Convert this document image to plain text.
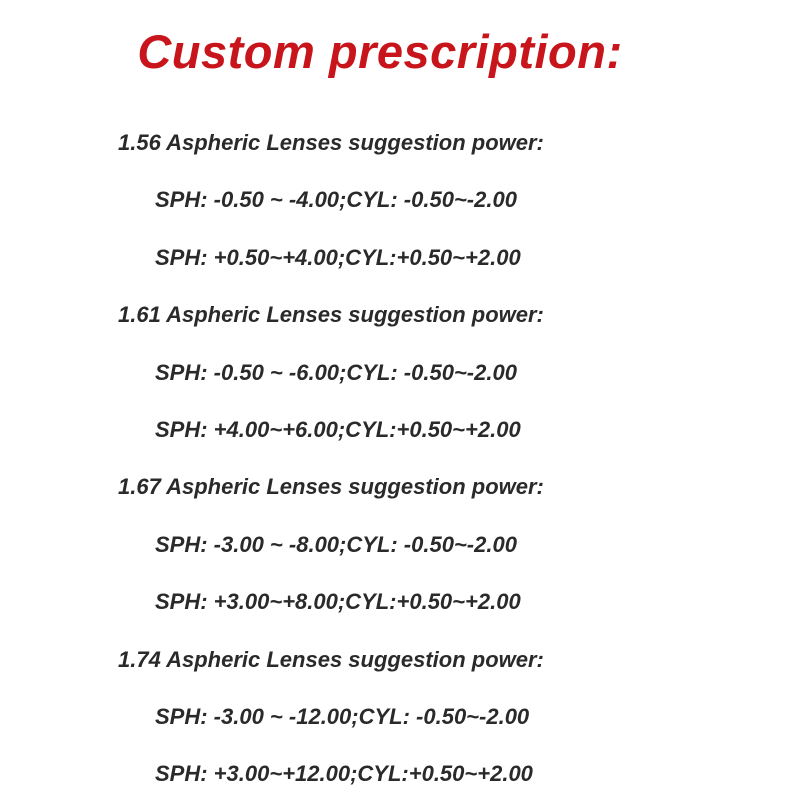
Custom prescription:
1.56 Aspheric Lenses suggestion power:
SPH: -0.50 ~ -4.00;CYL: -0.50~-2.00
SPH: +0.50~+4.00;CYL:+0.50~+2.00
1.61 Aspheric Lenses suggestion power:
SPH: -0.50 ~ -6.00;CYL: -0.50~-2.00
SPH: +4.00~+6.00;CYL:+0.50~+2.00
1.67 Aspheric Lenses suggestion power:
SPH: -3.00 ~ -8.00;CYL: -0.50~-2.00
SPH: +3.00~+8.00;CYL:+0.50~+2.00
1.74 Aspheric Lenses suggestion power:
SPH: -3.00 ~ -12.00;CYL: -0.50~-2.00
SPH: +3.00~+12.00;CYL:+0.50~+2.00
